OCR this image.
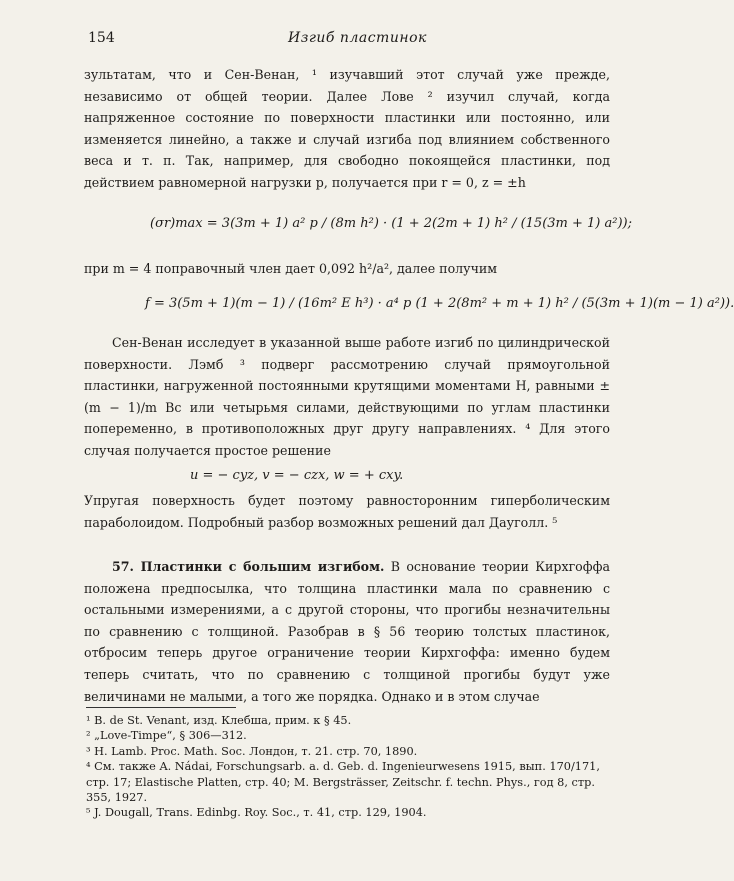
154	Изгиб пластинок

зультатам, что и Сен-Венан, ¹ изучавший этот случай уже прежде, независимо от общей теории. Далее Лове ² изучил случай, когда напряженное состояние по поверхности пластинки или постоянно, или изменяется линейно, а также и случай изгиба под влиянием собственного веса и т. п. Так, например, для свободно покоящейся пластинки, под действием равномерной нагрузки p, получается при r = 0, z = ±h

(σr)max = 3(3m + 1) a² p / (8m h²) · (1 + 2(2m + 1) h² / (15(3m + 1) a²));

при m = 4 поправочный член дает 0,092 h²/a², далее получим

f = 3(5m + 1)(m − 1) / (16m² E h³) · a⁴ p (1 + 2(8m² + m + 1) h² / (5(3m + 1)(m − 1) a²)).

Сен-Венан исследует в указанной выше работе изгиб по цилиндрической поверхности. Лэмб ³ подверг рассмотрению случай прямоугольной пластинки, нагруженной постоянными крутящими моментами H, равными ± (m − 1)/m Bc или четырьмя силами, действующими по углам пластинки попеременно, в противоположных друг другу направлениях. ⁴ Для этого случая получается простое решение

u = − cyz, v = − czx, w = + cxy.

Упругая поверхность будет поэтому равносторонним гиперболическим параболоидом. Подробный разбор возможных решений дал Дауголл. ⁵

57. Пластинки с большим изгибом. В основание теории Кирхгоффа положена предпосылка, что толщина пластинки мала по сравнению с остальными измерениями, а с другой стороны, что прогибы незначительны по сравнению с толщиной. Разобрав в § 56 теорию толстых пластинок, отбросим теперь другое ограничение теории Кирхгоффа: именно будем теперь считать, что по сравнению с толщиной прогибы будут уже величинами не малыми, а того же порядка. Однако и в этом случае

¹ B. de St. Venant, изд. Клебша, прим. к § 45.
² „Love-Timpe“, § 306—312.
³ H. Lamb. Proc. Math. Soc. Лондон, т. 21. стр. 70, 1890.
⁴ См. также A. Nádai, Forschungsarb. a. d. Geb. d. Ingenieurwesens 1915, вып. 170/171, стр. 17; Elastische Platten, стр. 40; M. Bergsträsser, Zeitschr. f. techn. Phys., год 8, стр. 355, 1927.
⁵ J. Dougall, Trans. Edinbg. Roy. Soc., т. 41, стр. 129, 1904.
